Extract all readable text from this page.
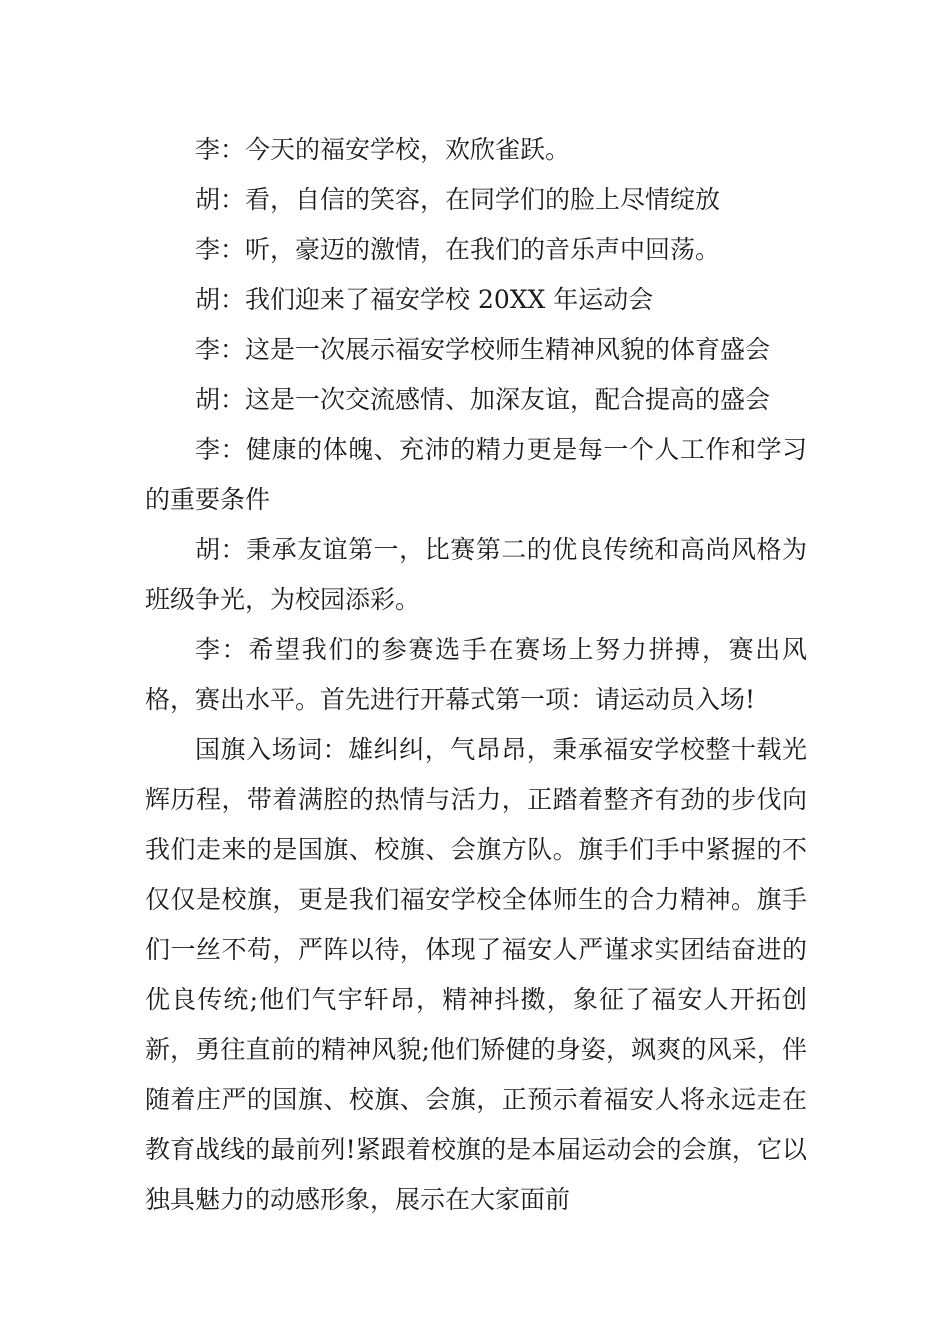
李：今天的福安学校，欢欣雀跃。

胡：看，自信的笑容，在同学们的脸上尽情绽放

李：听，豪迈的激情，在我们的音乐声中回荡。

胡：我们迎来了福安学校 20XX 年运动会

李：这是一次展示福安学校师生精神风貌的体育盛会

胡：这是一次交流感情、加深友谊，配合提高的盛会

李：健康的体魄、充沛的精力更是每一个人工作和学习的重要条件

胡：秉承友谊第一，比赛第二的优良传统和高尚风格为班级争光，为校园添彩。

李：希望我们的参赛选手在赛场上努力拼搏，赛出风格，赛出水平。首先进行开幕式第一项：请运动员入场!

国旗入场词：雄纠纠，气昂昂，秉承福安学校整十载光辉历程，带着满腔的热情与活力，正踏着整齐有劲的步伐向我们走来的是国旗、校旗、会旗方队。旗手们手中紧握的不仅仅是校旗，更是我们福安学校全体师生的合力精神。旗手们一丝不苟，严阵以待，体现了福安人严谨求实团结奋进的优良传统;他们气宇轩昂，精神抖擞，象征了福安人开拓创新，勇往直前的精神风貌;他们矫健的身姿，飒爽的风采，伴随着庄严的国旗、校旗、会旗，正预示着福安人将永远走在教育战线的最前列!紧跟着校旗的是本届运动会的会旗，它以独具魅力的动感形象，展示在大家面前
